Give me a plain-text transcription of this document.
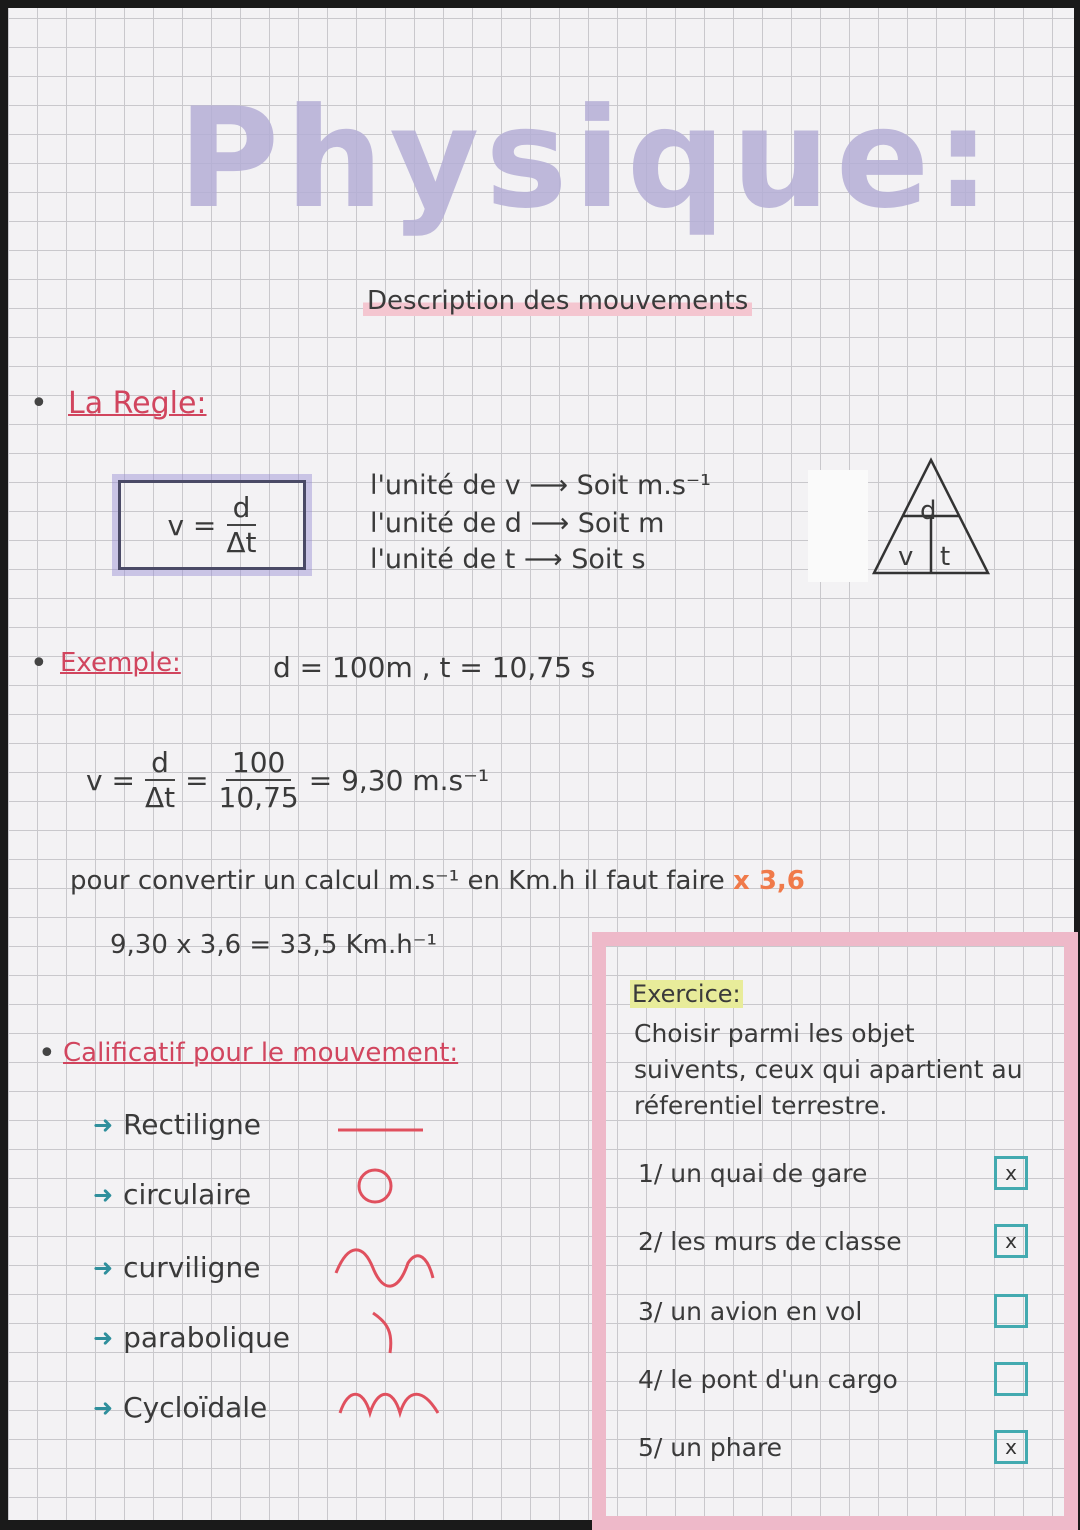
Physique:
Description des mouvements
• La Regle:
$v = \frac{d}{\Delta t}$
l'unité de v ⟶ Soit m.s⁻¹
l'unité de d ⟶ Soit m
l'unité de t ⟶ Soit s
d
v t
• Exemple:	d = 100m , t = 10,75 s
$v = \frac{d}{\Delta t} = \frac{100}{10,75} = 9,30$ m.s⁻¹
pour convertir un calcul m.s⁻¹ en Km.h il faut faire x 3,6
9,30 x 3,6 = 33,5 Km.h⁻¹
• Calificatif pour le mouvement:
➜ Rectiligne
➜ circulaire
➜ curviligne
➜ parabolique
➜ Cycloïdale
Exercice:
Choisir parmi les objet suivents, ceux qui apartient au réferentiel terrestre.
1/ un quai de gare	x
2/ les murs de classe	x
3/ un avion en vol
4/ le pont d'un cargo
5/ un phare	x
